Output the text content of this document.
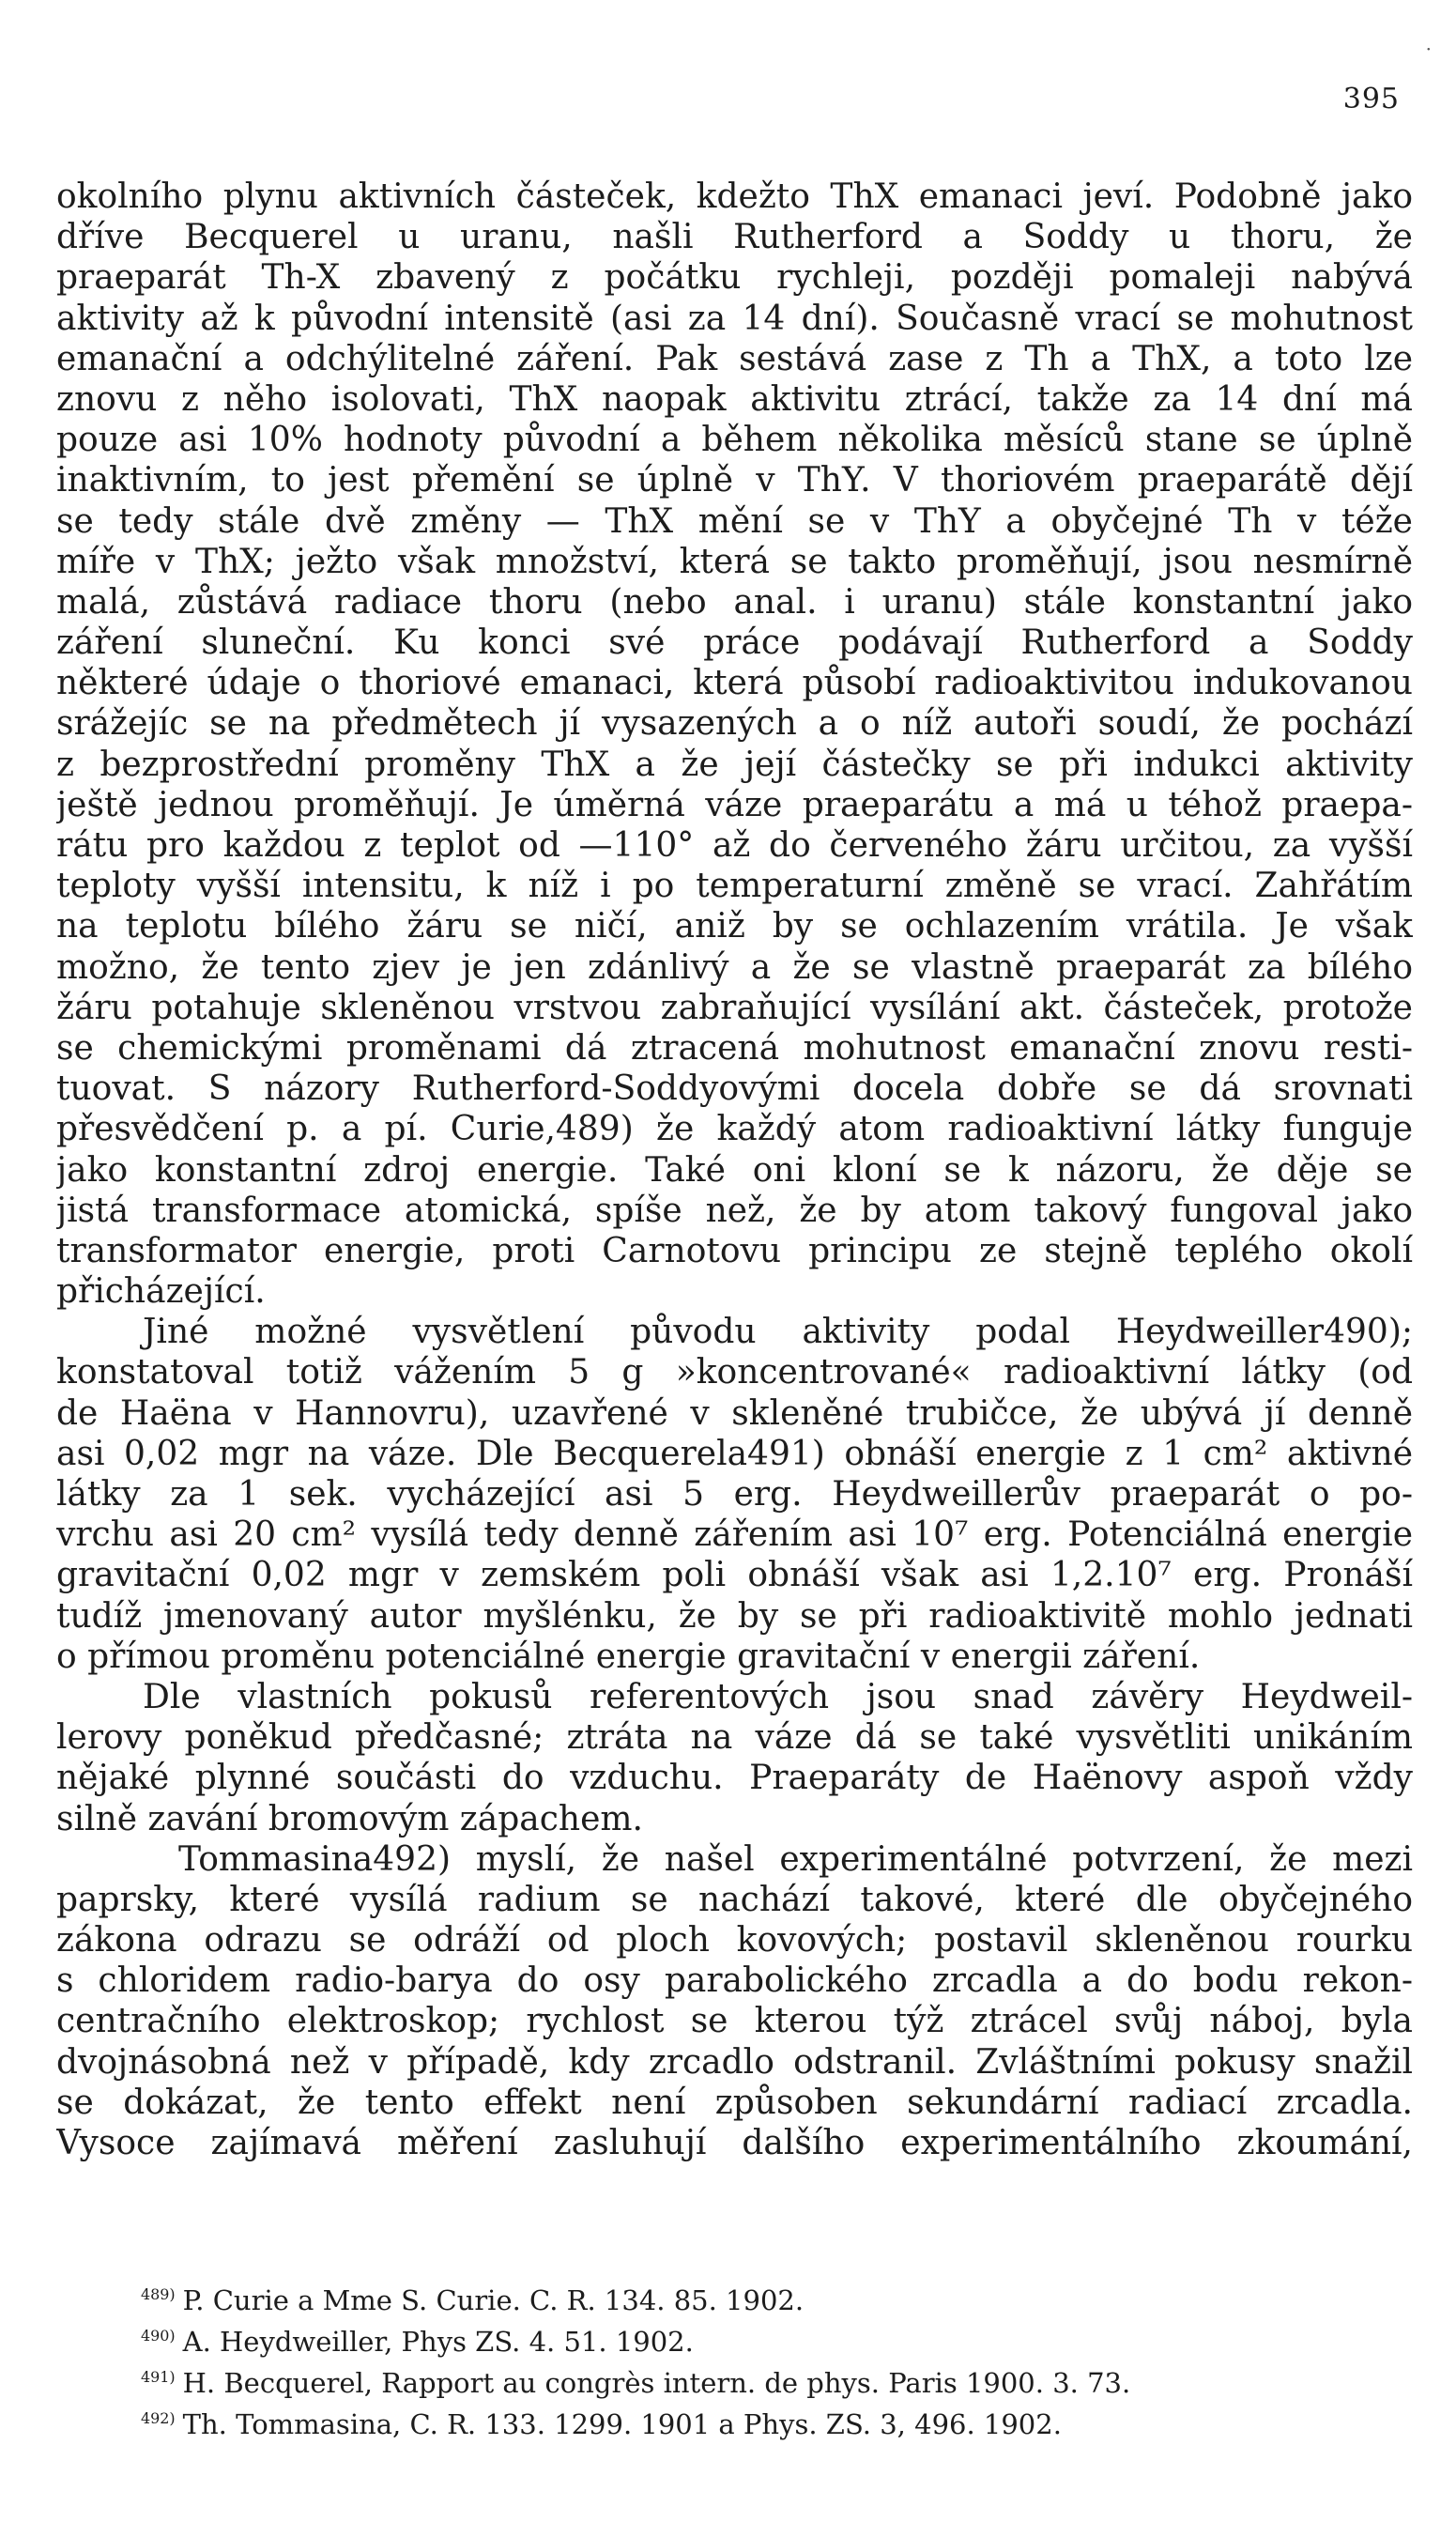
·
395
okolního plynu aktivních částeček, kdežto ThX emanaci jeví. Podobně jako
dříve Becquerel u uranu, našli Rutherford a Soddy u thoru, že
praeparát Th-X zbavený z počátku rychleji, později pomaleji nabývá
aktivity až k původní intensitě (asi za 14 dní). Současně vrací se mohutnost
emanační a odchýlitelné záření. Pak sestává zase z Th a ThX, a toto lze
znovu z něho isolovati, ThX naopak aktivitu ztrácí, takže za 14 dní má
pouze asi 10% hodnoty původní a během několika měsíců stane se úplně
inaktivním, to jest přemění se úplně v ThY. V thoriovém praeparátě dějí
se tedy stále dvě změny — ThX mění se v ThY a obyčejné Th v téže
míře v ThX; ježto však množství, která se takto proměňují, jsou nesmírně
malá, zůstává radiace thoru (nebo anal. i uranu) stále konstantní jako
záření sluneční. Ku konci své práce podávají Rutherford a Soddy
některé údaje o thoriové emanaci, která působí radioaktivitou indukovanou
srážejíc se na předmětech jí vysazených a o níž autoři soudí, že pochází
z bezprostřední proměny ThX a že její částečky se při indukci aktivity
ještě jednou proměňují. Je úměrná váze praeparátu a má u téhož praepa-
rátu pro každou z teplot od —110° až do červeného žáru určitou, za vyšší
teploty vyšší intensitu, k níž i po temperaturní změně se vrací. Zahřátím
na teplotu bílého žáru se ničí, aniž by se ochlazením vrátila. Je však
možno, že tento zjev je jen zdánlivý a že se vlastně praeparát za bílého
žáru potahuje skleněnou vrstvou zabraňující vysílání akt. částeček, protože
se chemickými proměnami dá ztracená mohutnost emanační znovu resti-
tuovat. S názory Rutherford-Soddyovými docela dobře se dá srovnati
přesvědčení p. a pí. Curie,489) že každý atom radioaktivní látky funguje
jako konstantní zdroj energie. Také oni kloní se k názoru, že děje se
jistá transformace atomická, spíše než, že by atom takový fungoval jako
transformator energie, proti Carnotovu principu ze stejně teplého okolí
přicházející.
Jiné možné vysvětlení původu aktivity podal Heydweiller490);
konstatoval totiž vážením 5 g »koncentrované« radioaktivní látky (od
de Haëna v Hannovru), uzavřené v skleněné trubičce, že ubývá jí denně
asi 0,02 mgr na váze. Dle Becquerela491) obnáší energie z 1 cm² aktivné
látky za 1 sek. vycházející asi 5 erg. Heydweillerův praeparát o po-
vrchu asi 20 cm² vysílá tedy denně zářením asi 10⁷ erg. Potenciálná energie
gravitační 0,02 mgr v zemském poli obnáší však asi 1,2.10⁷ erg. Pronáší
tudíž jmenovaný autor myšlénku, že by se při radioaktivitě mohlo jednati
o přímou proměnu potenciálné energie gravitační v energii záření.
Dle vlastních pokusů referentových jsou snad závěry Heydweil-
lerovy poněkud předčasné; ztráta na váze dá se také vysvětliti unikáním
nějaké plynné součásti do vzduchu. Praeparáty de Haënovy aspoň vždy
silně zavání bromovým zápachem.
Tommasina492) myslí, že našel experimentálné potvrzení, že mezi
paprsky, které vysílá radium se nachází takové, které dle obyčejného
zákona odrazu se odráží od ploch kovových; postavil skleněnou rourku
s chloridem radio-baryа do osy parabolického zrcadla a do bodu rekon-
centračního elektroskop; rychlost se kterou týž ztrácel svůj náboj, byla
dvojnásobná než v případě, kdy zrcadlo odstranil. Zvláštními pokusy snažil
se dokázat, že tento effekt není způsoben sekundární radiací zrcadla.
Vysoce zajímavá měření zasluhují dalšího experimentálního zkoumání,
$^{489)}$ P. Curie a Mme S. Curie. C. R. 134. 85. 1902.
$^{490)}$ A. Heydweiller, Phys ZS. 4. 51. 1902.
$^{491)}$ H. Becquerel, Rapport au congrès intern. de phys. Paris 1900. 3. 73.
$^{492)}$ Th. Tommasina, C. R. 133. 1299. 1901 a Phys. ZS. 3, 496. 1902.
